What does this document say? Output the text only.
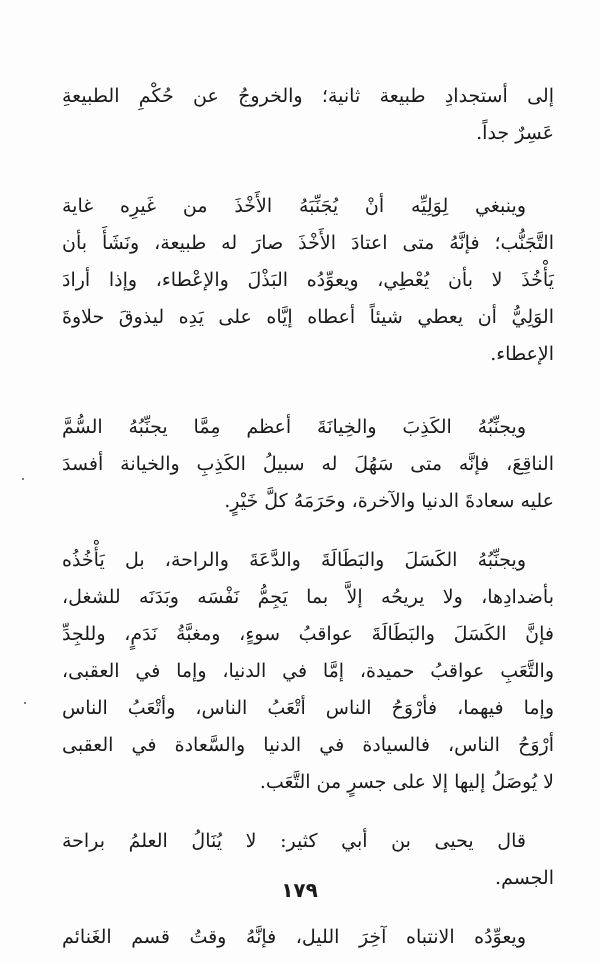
إلى أستجدادِ طبيعة ثانية؛ والخروجُ عن حُكْمِ الطبيعةِ
عَسِرٌ جداً.
وينبغي لِوَلِيِّه أنْ يُجَنِّبَهُ الأَخْذَ من غَيرِه غاية
التَّجَنُّب؛ فإنَّهُ متى اعتادَ الأَخْذَ صارَ له طبيعة، ونَشَأَ بأن
يَأْخُذَ لا بأن يُعْطِي، ويعوِّدُه البَذْلَ والإعْطاء، وإذا أرادَ
الوَلِيُّ أن يعطي شيئاً أعطاه إيَّاه على يَدِه ليذوقَ حلاوةَ
الإعطاء.
ويجنِّبُهُ الكَذِبَ والخِيانَةَ أعظم مِمَّا يجنِّبُهُ السُّمَّ
الناقِعَ، فإنَّه متى سَهُلَ له سبيلُ الكَذِبِ والخيانة أفسدَ
عليه سعادةَ الدنيا والآخرة، وحَرَمَهُ كلَّ خَيْرٍ.
ويجنِّبُهُ الكَسَلَ والبَطَالَةَ والدَّعَةَ والراحة، بل يَأْخُذُه
بأضدادِها، ولا يريحُه إلاَّ بما يَجِمُّ نَفْسَه وبَدَنَه للشغل،
فإنَّ الكَسَلَ والبَطَالَةَ عواقبُ سوءٍ، ومغبَّةُ نَدَمٍ، وللجِدِّ
والتَّعَبِ عواقبُ حميدة، إمَّا في الدنيا، وإما في العقبى،
وإما فيهما، فأرْوَحُ الناس أتْعَبُ الناس، وأتْعَبُ الناس
أرْوَحُ الناس، فالسيادة في الدنيا والسَّعادة في العقبى
لا يُوصَلُ إليها إلا على جسرٍ من التَّعَب.
قال يحيى بن أبي كثير: لا يُنَالُ العلمُ براحة
الجسم.
ويعوِّدُه الانتباه آخِرَ الليل، فإنَّهُ وقتُ قسم الغَنائم
١٧٩
